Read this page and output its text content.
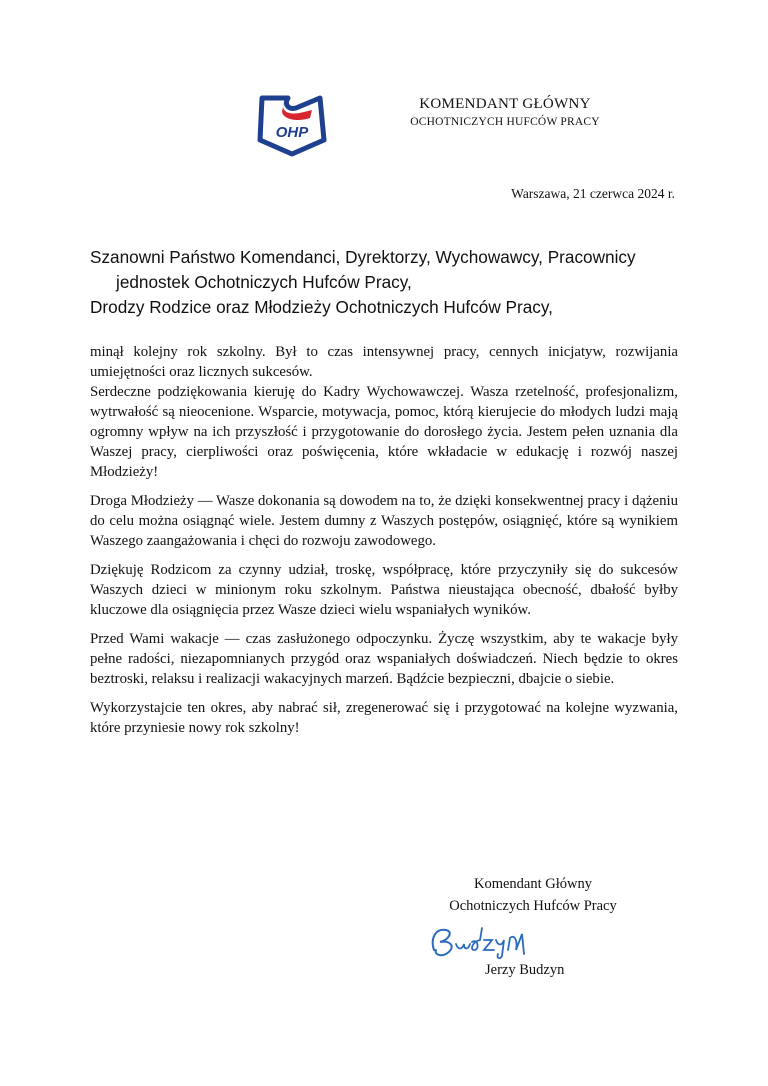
OHP
KOMENDANT GŁÓWNY
OCHOTNICZYCH HUFCÓW PRACY
Warszawa, 21 czerwca 2024 r.
Szanowni Państwo Komendanci, Dyrektorzy, Wychowawcy, Pracownicy
jednostek Ochotniczych Hufców Pracy,
Drodzy Rodzice oraz Młodzieży Ochotniczych Hufców Pracy,

minął kolejny rok szkolny. Był to czas intensywnej pracy, cennych inicjatyw, rozwijania umiejętności oraz licznych sukcesów.

Serdeczne podziękowania kieruję do Kadry Wychowawczej. Wasza rzetelność, profesjonalizm, wytrwałość są nieocenione. Wsparcie, motywacja, pomoc, którą kierujecie do młodych ludzi mają ogromny wpływ na ich przyszłość i przygotowanie do dorosłego życia. Jestem pełen uznania dla Waszej pracy, cierpliwości oraz poświęcenia, które wkładacie w edukację i rozwój naszej Młodzieży!

Droga Młodzieży — Wasze dokonania są dowodem na to, że dzięki konsekwentnej pracy i dążeniu do celu można osiągnąć wiele. Jestem dumny z Waszych postępów, osiągnięć, które są wynikiem Waszego zaangażowania i chęci do rozwoju zawodowego.

Dziękuję Rodzicom za czynny udział, troskę, współpracę, które przyczyniły się do sukcesów Waszych dzieci w minionym roku szkolnym. Państwa nieustająca obecność, dbałość byłby kluczowe dla osiągnięcia przez Wasze dzieci wielu wspaniałych wyników.

Przed Wami wakacje — czas zasłużonego odpoczynku. Życzę wszystkim, aby te wakacje były pełne radości, niezapomnianych przygód oraz wspaniałych doświadczeń. Niech będzie to okres beztroski, relaksu i realizacji wakacyjnych marzeń. Bądźcie bezpieczni, dbajcie o siebie.

Wykorzystajcie ten okres, aby nabrać sił, zregenerować się i przygotować na kolejne wyzwania, które przyniesie nowy rok szkolny!

Komendant Główny
Ochotniczych Hufców Pracy
Jerzy Budzyn
